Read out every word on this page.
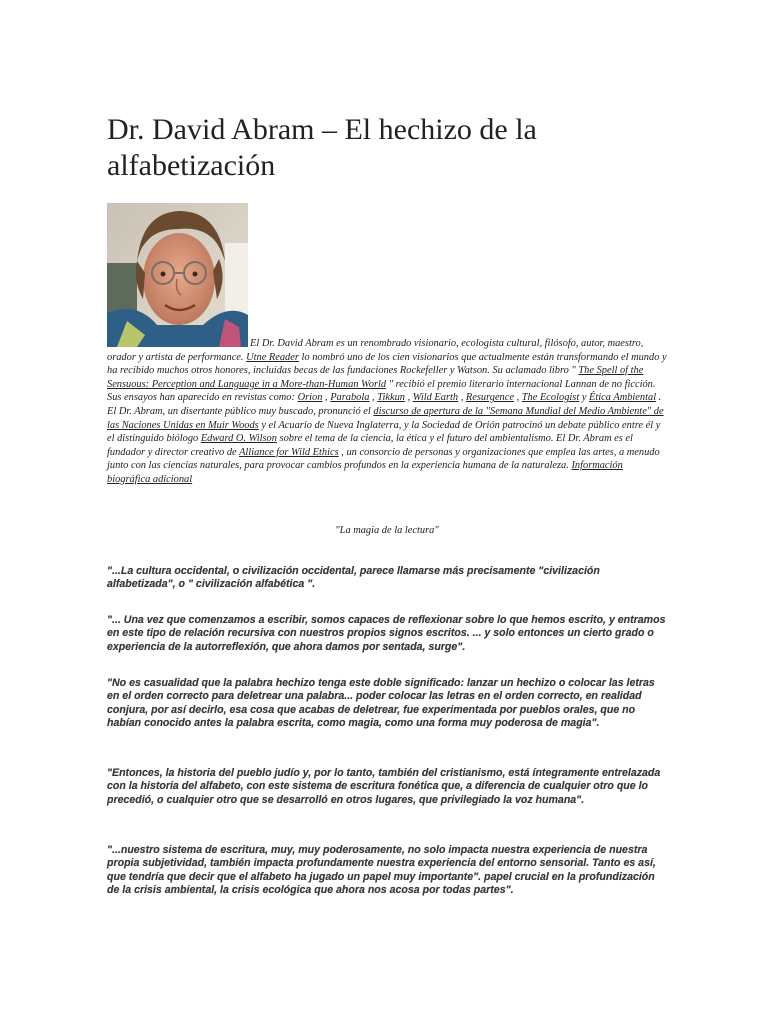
Dr. David Abram – El hechizo de la alfabetización

El Dr. David Abram es un renombrado visionario, ecologista cultural, filósofo, autor, maestro, orador y artista de performance. Utne Reader lo nombró uno de los cien visionarios que actualmente están transformando el mundo y ha recibido muchos otros honores, incluidas becas de las fundaciones Rockefeller y Watson. Su aclamado libro " The Spell of the Sensuous: Perception and Language in a More-than-Human World " recibió el premio literario internacional Lannan de no ficción. Sus ensayos han aparecido en revistas como: Orion , Parabola , Tikkun , Wild Earth , Resurgence , The Ecologist y Ética Ambiental . El Dr. Abram, un disertante público muy buscado, pronunció el discurso de apertura de la "Semana Mundial del Medio Ambiente" de las Naciones Unidas en Muir Woods y el Acuario de Nueva Inglaterra, y la Sociedad de Orión patrocinó un debate público entre él y el distinguido biólogo Edward O. Wilson sobre el tema de la ciencia, la ética y el futuro del ambientalismo. El Dr. Abram es el fundador y director creativo de Alliance for Wild Ethics , un consorcio de personas y organizaciones que emplea las artes, a menudo junto con las ciencias naturales, para provocar cambios profundos en la experiencia humana de la naturaleza. Información biográfica adicional

"La magia de la lectura"

"...La cultura occidental, o civilización occidental, parece llamarse más precisamente "civilización alfabetizada", o " civilización alfabética ".

"... Una vez que comenzamos a escribir, somos capaces de reflexionar sobre lo que hemos escrito, y entramos en este tipo de relación recursiva con nuestros propios signos escritos. ... y solo entonces un cierto grado o experiencia de la autorreflexión, que ahora damos por sentada, surge".

"No es casualidad que la palabra hechizo tenga este doble significado: lanzar un hechizo o colocar las letras en el orden correcto para deletrear una palabra... poder colocar las letras en el orden correcto, en realidad conjura, por así decirlo, esa cosa que acabas de deletrear, fue experimentada por pueblos orales, que no habían conocido antes la palabra escrita, como magia, como una forma muy poderosa de magia".

"Entonces, la historia del pueblo judío y, por lo tanto, también del cristianismo, está íntegramente entrelazada con la historia del alfabeto, con este sistema de escritura fonética que, a diferencia de cualquier otro que lo precedió, o cualquier otro que se desarrolló en otros lugares, que privilegiado la voz humana".

"...nuestro sistema de escritura, muy, muy poderosamente, no solo impacta nuestra experiencia de nuestra propia subjetividad, también impacta profundamente nuestra experiencia del entorno sensorial. Tanto es así, que tendría que decir que el alfabeto ha jugado un papel muy importante". papel crucial en la profundización de la crisis ambiental, la crisis ecológica que ahora nos acosa por todas partes".
